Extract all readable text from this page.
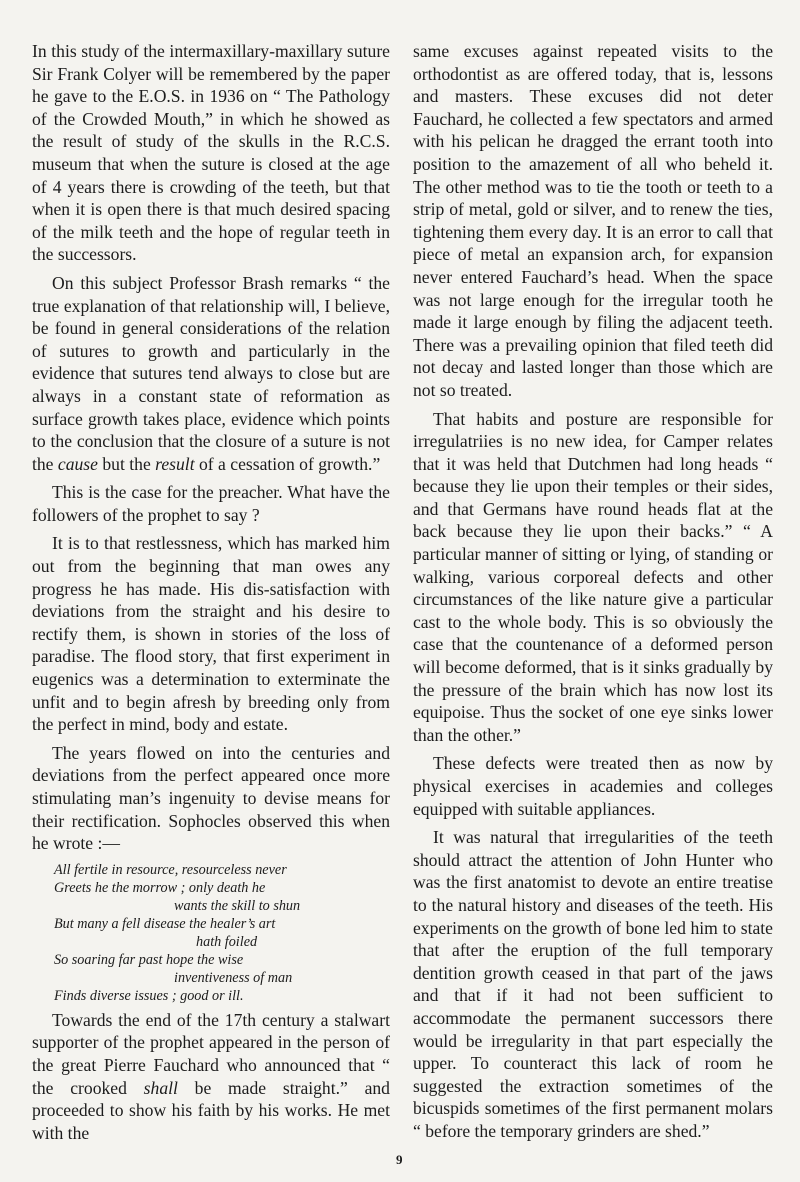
In this study of the intermaxillary-maxillary suture Sir Frank Colyer will be remembered by the paper he gave to the E.O.S. in 1936 on “ The Pathology of the Crowded Mouth,” in which he showed as the result of study of the skulls in the R.C.S. museum that when the suture is closed at the age of 4 years there is crowding of the teeth, but that when it is open there is that much desired spacing of the milk teeth and the hope of regular teeth in the successors.

On this subject Professor Brash remarks “ the true explanation of that relationship will, I believe, be found in general considerations of the relation of sutures to growth and particularly in the evidence that sutures tend always to close but are always in a constant state of reformation as surface growth takes place, evidence which points to the conclusion that the closure of a suture is not the cause but the result of a cessation of growth.”

This is the case for the preacher. What have the followers of the prophet to say ?

It is to that restlessness, which has marked him out from the beginning that man owes any progress he has made. His dis-satisfaction with deviations from the straight and his desire to rectify them, is shown in stories of the loss of paradise. The flood story, that first experiment in eugenics was a determination to exterminate the unfit and to begin afresh by breeding only from the perfect in mind, body and estate.

The years flowed on into the centuries and deviations from the perfect appeared once more stimulating man’s ingenuity to devise means for their rectification. Sophocles observed this when he wrote :—

All fertile in resource, resourceless never
Greets he the morrow ; only death he
wants the skill to shun
But many a fell disease the healer’s art
hath foiled
So soaring far past hope the wise
inventiveness of man
Finds diverse issues ; good or ill.

Towards the end of the 17th century a stalwart supporter of the prophet appeared in the person of the great Pierre Fauchard who announced that “ the crooked shall be made straight.” and proceeded to show his faith by his works. He met with the

same excuses against repeated visits to the orthodontist as are offered today, that is, lessons and masters. These excuses did not deter Fauchard, he collected a few spectators and armed with his pelican he dragged the errant tooth into position to the amazement of all who beheld it. The other method was to tie the tooth or teeth to a strip of metal, gold or silver, and to renew the ties, tightening them every day. It is an error to call that piece of metal an expansion arch, for expansion never entered Fauchard’s head. When the space was not large enough for the irregular tooth he made it large enough by filing the adjacent teeth. There was a prevailing opinion that filed teeth did not decay and lasted longer than those which are not so treated.

That habits and posture are responsible for irregulatriies is no new idea, for Camper relates that it was held that Dutchmen had long heads “ because they lie upon their temples or their sides, and that Germans have round heads flat at the back because they lie upon their backs.” “ A particular manner of sitting or lying, of standing or walking, various corporeal defects and other circumstances of the like nature give a particular cast to the whole body. This is so obviously the case that the countenance of a deformed person will become deformed, that is it sinks gradually by the pressure of the brain which has now lost its equipoise. Thus the socket of one eye sinks lower than the other.”

These defects were treated then as now by physical exercises in academies and colleges equipped with suitable appliances.

It was natural that irregularities of the teeth should attract the attention of John Hunter who was the first anatomist to devote an entire treatise to the natural history and diseases of the teeth. His experiments on the growth of bone led him to state that after the eruption of the full temporary dentition growth ceased in that part of the jaws and that if it had not been sufficient to accommodate the permanent successors there would be irregularity in that part especially the upper. To counteract this lack of room he suggested the extraction sometimes of the bicuspids sometimes of the first permanent molars “ before the temporary grinders are shed.”

9
